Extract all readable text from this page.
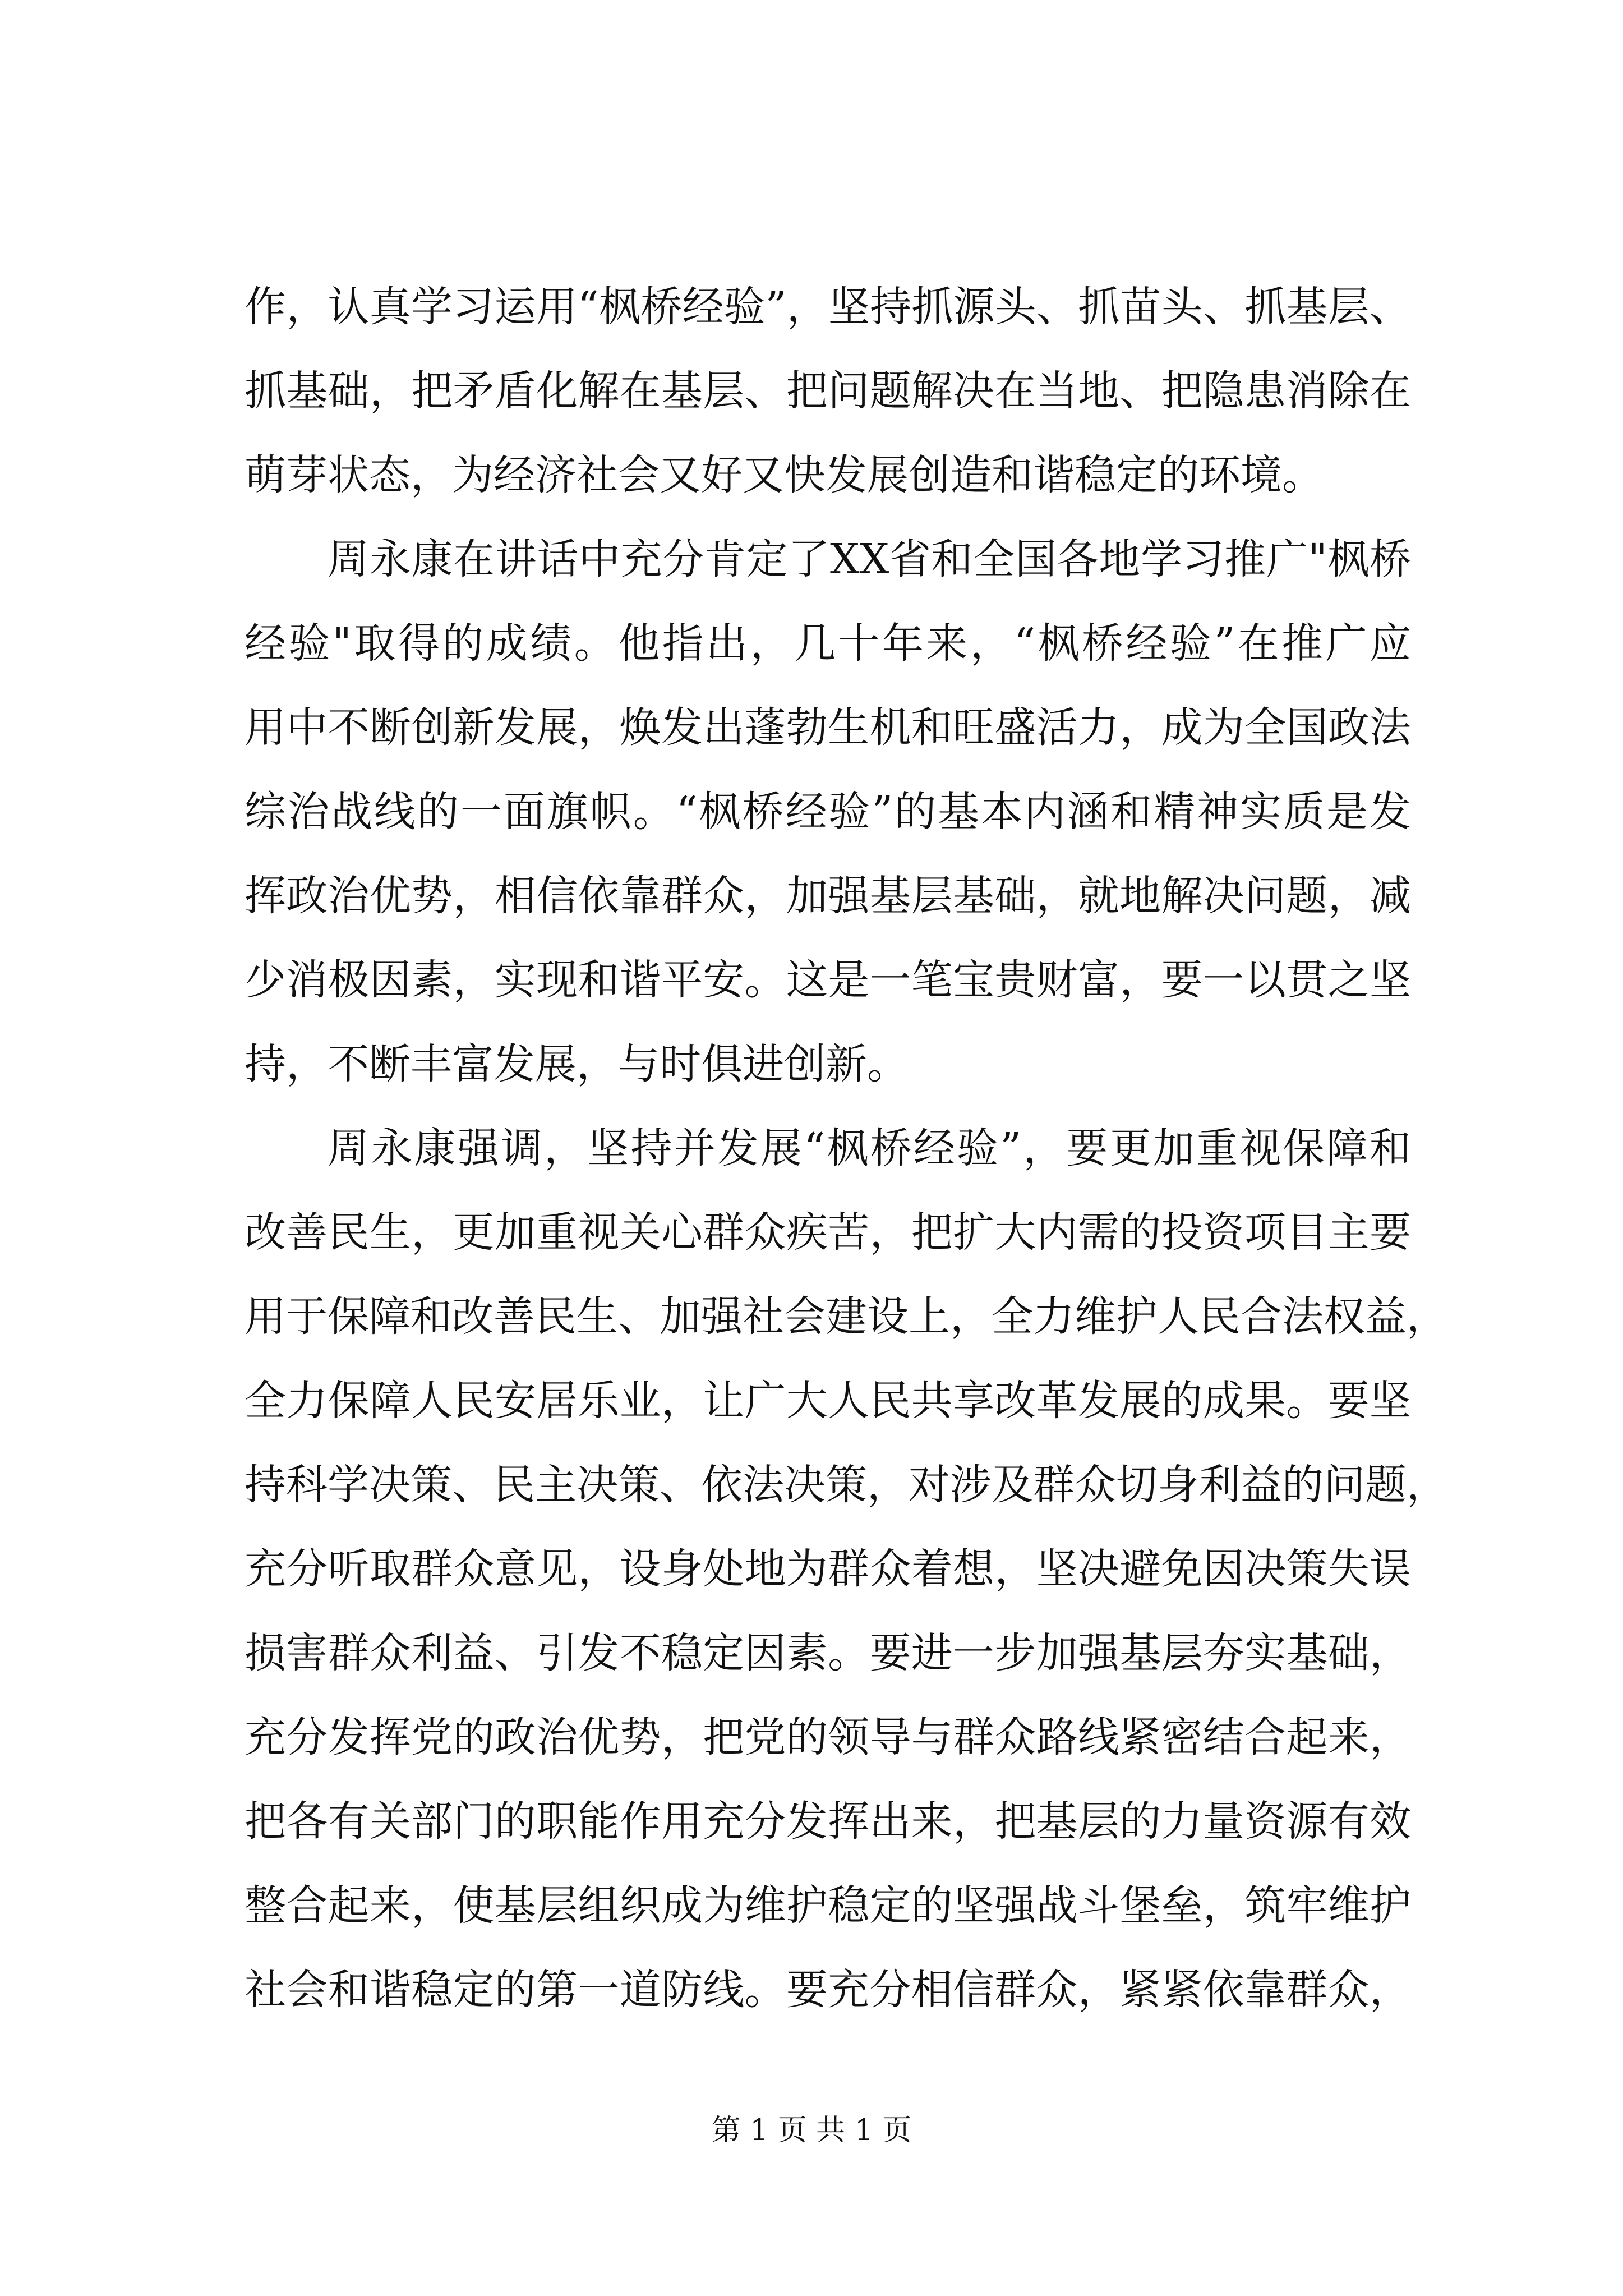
作，认真学习运用“枫桥经验”，坚持抓源头、抓苗头、抓基层、
抓基础，把矛盾化解在基层、把问题解决在当地、把隐患消除在
萌芽状态，为经济社会又好又快发展创造和谐稳定的环境。
周永康在讲话中充分肯定了XX省和全国各地学习推广"枫桥
经验"取得的成绩。他指出，几十年来，“枫桥经验”在推广应
用中不断创新发展，焕发出蓬勃生机和旺盛活力，成为全国政法
综治战线的一面旗帜。“枫桥经验”的基本内涵和精神实质是发
挥政治优势，相信依靠群众，加强基层基础，就地解决问题，减
少消极因素，实现和谐平安。这是一笔宝贵财富，要一以贯之坚
持，不断丰富发展，与时俱进创新。
周永康强调，坚持并发展“枫桥经验”，要更加重视保障和
改善民生，更加重视关心群众疾苦，把扩大内需的投资项目主要
用于保障和改善民生、加强社会建设上，全力维护人民合法权益，
全力保障人民安居乐业，让广大人民共享改革发展的成果。要坚
持科学决策、民主决策、依法决策，对涉及群众切身利益的问题，
充分听取群众意见，设身处地为群众着想，坚决避免因决策失误
损害群众利益、引发不稳定因素。要进一步加强基层夯实基础，
充分发挥党的政治优势，把党的领导与群众路线紧密结合起来，
把各有关部门的职能作用充分发挥出来，把基层的力量资源有效
整合起来，使基层组织成为维护稳定的坚强战斗堡垒，筑牢维护
社会和谐稳定的第一道防线。要充分相信群众，紧紧依靠群众，
第 1 页 共 1 页
